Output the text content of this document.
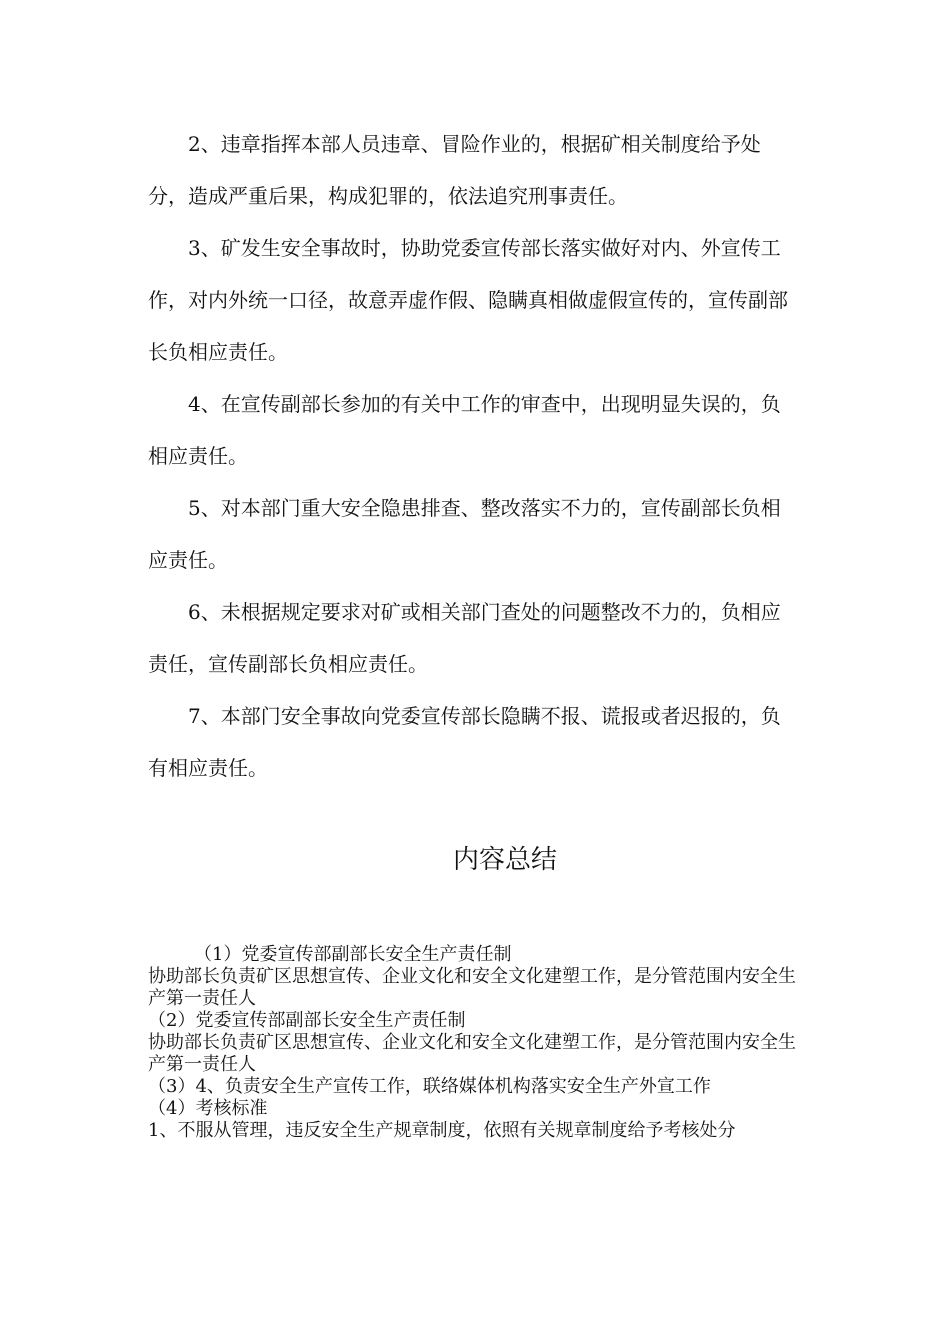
2、违章指挥本部人员违章、冒险作业的，根据矿相关制度给予处分，造成严重后果，构成犯罪的，依法追究刑事责任。

3、矿发生安全事故时，协助党委宣传部长落实做好对内、外宣传工作，对内外统一口径，故意弄虚作假、隐瞒真相做虚假宣传的，宣传副部长负相应责任。

4、在宣传副部长参加的有关中工作的审查中，出现明显失误的，负相应责任。

5、对本部门重大安全隐患排查、整改落实不力的，宣传副部长负相应责任。

6、未根据规定要求对矿或相关部门查处的问题整改不力的，负相应责任，宣传副部长负相应责任。

7、本部门安全事故向党委宣传部长隐瞒不报、谎报或者迟报的，负有相应责任。

内容总结

（1）党委宣传部副部长安全生产责任制

协助部长负责矿区思想宣传、企业文化和安全文化建塑工作，是分管范围内安全生产第一责任人

（2）党委宣传部副部长安全生产责任制

协助部长负责矿区思想宣传、企业文化和安全文化建塑工作，是分管范围内安全生产第一责任人

（3）4、负责安全生产宣传工作，联络媒体机构落实安全生产外宣工作

（4）考核标准

1、不服从管理，违反安全生产规章制度，依照有关规章制度给予考核处分
